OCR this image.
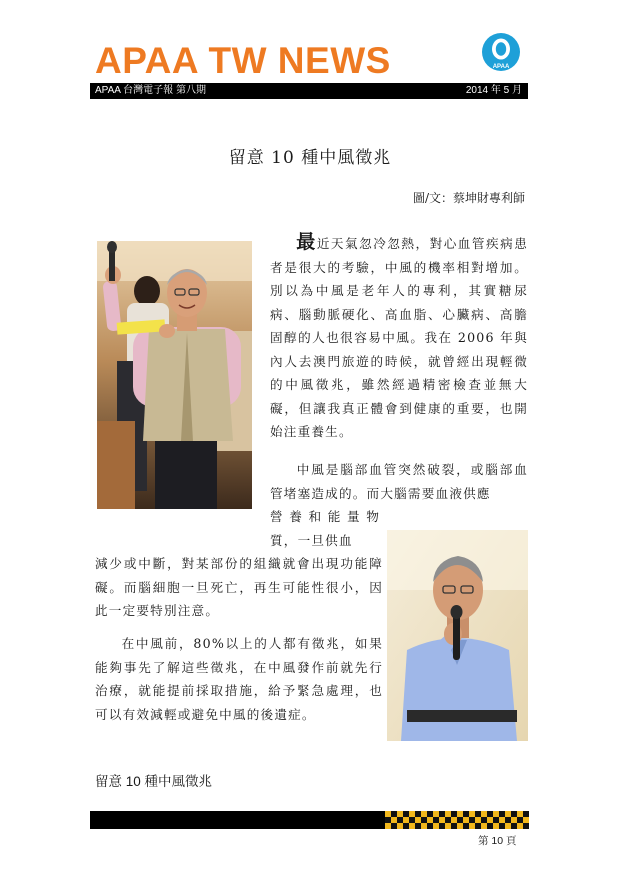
APAA TW NEWS	APAA
APAA 台灣電子報 第八期	2014 年 5 月
留意 10 種中風徵兆
圖/文：蔡坤財專利師
最近天氣忽冷忽熱，對心血管疾病患者是很大的考驗，中風的機率相對增加。別以為中風是老年人的專利，其實糖尿病、腦動脈硬化、高血脂、心臟病、高膽固醇的人也很容易中風。我在 2006 年與內人去澳門旅遊的時候，就曾經出現輕微的中風徵兆，雖然經過精密檢查並無大礙，但讓我真正體會到健康的重要，也開始注重養生。
中風是腦部血管突然破裂，或腦部血管堵塞造成的。而大腦需要血液供應
營養和能量物質，一旦供血
減少或中斷，對某部份的組織就會出現功能障礙。而腦細胞一旦死亡，再生可能性很小，因此一定要特別注意。
在中風前，80%以上的人都有徵兆，如果能夠事先了解這些徵兆，在中風發作前就先行治療，就能提前採取措施，給予緊急處理，也可以有效減輕或避免中風的後遺症。
留意 10 種中風徵兆
第 10 頁
